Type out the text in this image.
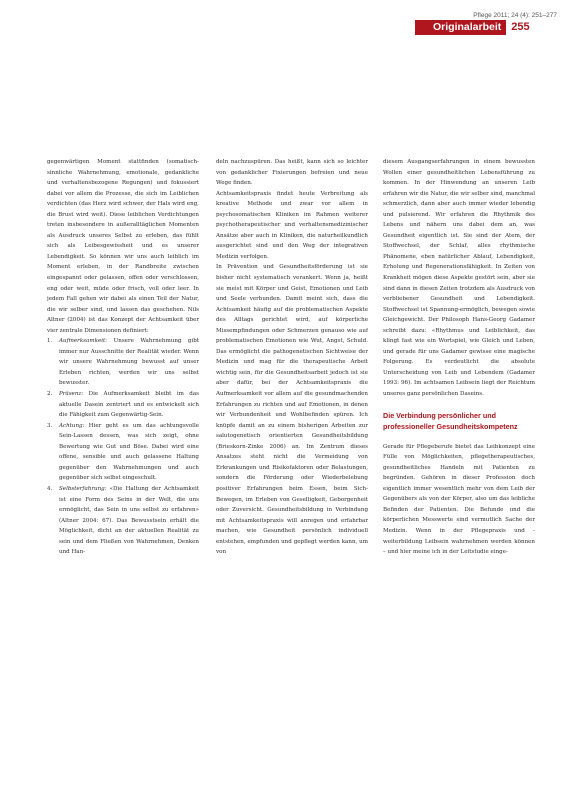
Pflege 2011; 24 (4): 251–277
Originalarbeit 255

gegenwärtigen Moment stattfinden (somatisch-sinnliche Wahrnehmung, emotionale, gedankliche und verhaltensbezogene Regungen) und fokussiert dabei vor allem die Prozesse, die sich im Leiblichen verdichten (das Herz wird schwer, der Hals wird eng, die Brust wird weit). Diese leiblichen Verdichtungen treten insbesondere in außeralltäglichen Momenten als Ausdruck unseres Selbst zu erleben, das fühlt sich als Leibesgewissheit und es unserer Lebendigkeit. So können wir uns auch leiblich im Moment erleben, in der Randbreite zwischen eingespannt oder gelassen, offen oder verschlossen, eng oder weit, müde oder frisch, voll oder leer. In jedem Fall gehen wir dabei als einen Teil der Natur, die wir selber sind, und lassen das geschehen. Nils Altner (2004) ist das Konzept der Achtsamkeit über vier zentrale Dimensionen definiert:

1. Aufmerksamkeit: Unsere Wahrnehmung gibt immer nur Ausschnitte der Realität wieder. Wenn wir unsere Wahrnehmung bewusst auf unser Erleben richten, werden wir uns selbst bewusster.
2. Präsenz: Die Aufmerksamkeit bleibt im das aktuelle Dasein zentriert und es entwickelt sich die Fähigkeit zum Gegenwärtig-Sein.
3. Achtung: Hier geht es um das achtungsvolle Sein-Lassen dessen, was sich zeigt, ohne Bewertung wie Gut und Böse. Dabei wird eine offene, sensible und auch gelassene Haltung gegenüber den Wahrnehmungen und auch gegenüber sich selbst eingeschult.
4. Selbsterfahrung: «Die Haltung der Achtsamkeit ist eine Form des Seins in der Welt, die uns ermöglicht, das Sein in uns selbst zu erfahren» (Altner 2004: 67). Das Bewusstsein erhält die Möglichkeit, dicht an der aktuellen Realität zu sein und dem Fließen von Wahrnehmen, Denken und Han-

deln nachzuspüren. Das heißt, kann sich so leichter von gedanklicher Fixierungen befreien und neue Wege finden.

Achtsamkeitspraxis findet heute Verbreitung als kreative Methode und zwar vor allem in psychosomatischen Kliniken im Rahmen weiterer psychotherapeutischer und verhaltensmedizinischer Ansätze aber auch in Kliniken, die naturheilkundlich ausgerichtet sind und den Weg der integrativen Medizin verfolgen.

In Prävention und Gesundheitsförderung ist sie bisher nicht systematisch verankert. Wenn ja, heißt sie meist mit Körper und Geist, Emotionen und Leib und Seele verbunden. Damit meint sich, dass die Achtsamkeit häufig auf die problematischen Aspekte des Alltags gerichtet wird, auf körperliche Missempfindungen oder Schmerzen genauso wie auf problematischen Emotionen wie Wut, Angst, Schuld. Das ermöglicht die pathogenetischen Sichtweise der Medizin und mag für die therapeutische Arbeit wichtig sein, für die Gesundheitsarbeit jedoch ist sie aber dafür, bei der Achtsamkeitspraxis die Aufmerksamkeit vor allem auf die gesundmachenden Erfahrungen zu richten und auf Emotionen, in denen wir Verbundenheit und Wohlbefinden spüren. Ich knüpfe damit an zu einem bisherigen Arbeiten zur salutogenetisch orientierten Gesundheitsbildung (Brieskorn-Zinke 2006) an. Im Zentrum dieses Ansatzes steht nicht die Vermeidung von Erkrankungen und Risikofaktoren oder Belastungen, sondern die Förderung oder Wiederbelebung positiver Erfahrungen beim Essen, beim Sich-Bewegen, im Erleben von Geselligkeit, Geborgenheit oder Zuversicht. Gesundheitsbildung in Verbindung mit Achtsamkeitspraxis will anregen und erfahrbar machen, wie Gesundheit persönlich individuell entstehen, empfunden und gepflegt werden kann, um von

diesem Ausgangserfahrungen in einem bewussten Wollen einer gesundheitlichen Lebensführung zu kommen. In der Hinwendung an unseren Leib erfahren wir die Natur, die wir selber sind, manchmal schmerzlich, dann aber auch immer wieder lebendig und pulsierend. Wir erfahren die Rhythmik des Lebens und nähern uns dabei dem an, was Gesundheit eigentlich ist. Sie sind der Atem, der Stoffwechsel, der Schlaf, alles rhythmische Phänomene, eben natürlicher Ablauf, Lebendigkeit, Erholung und Regenerationsfähigkeit. In Zeiten von Krankheit mögen diese Aspekte gestört sein, aber sie sind dann in diesen Zeiten trotzdem als Ausdruck von verbliebener Gesundheit und Lebendigkeit. Stoffwechsel ist Spannung-ermöglich, bewegen sowie Gleichgewicht. Der Philosoph Hans-Georg Gadamer schreibt dazu: «Rhythmus und Leiblichkeit, das klingt fast wie ein Wortspiel, wie Gleich und Leben, und gerade für uns Gadamer gewisse eine magische Folgerung. Es verdeutlicht die absolute Unterscheidung von Leib und Lebendem (Gadamer 1993: 96). Im achtsamen Leibsein liegt der Reichtum unseres ganz persönlichen Daseins.

Die Verbindung persönlicher und professioneller Gesundheitskompetenz

Gerade für Pflegeberufe bietet das Leibkonzept eine Fülle von Möglichkeiten, pflegetherapeutisches, gesundheitliches Handeln mit Patienten zu begründen. Gehören in dieser Profession doch eigentlich immer wesentlich mehr von dem Leib der Gegenübers als von der Körper, also um das leibliche Befinden der Patienten. Die Befunde und die körperlichen Messwerte sind vermutlich Sache der Medizin. Wenn in der Pflegepraxis und -weiterbildung Leibsein wahrnehmen werden können – und hier meine ich in der Leitstudie einge-
